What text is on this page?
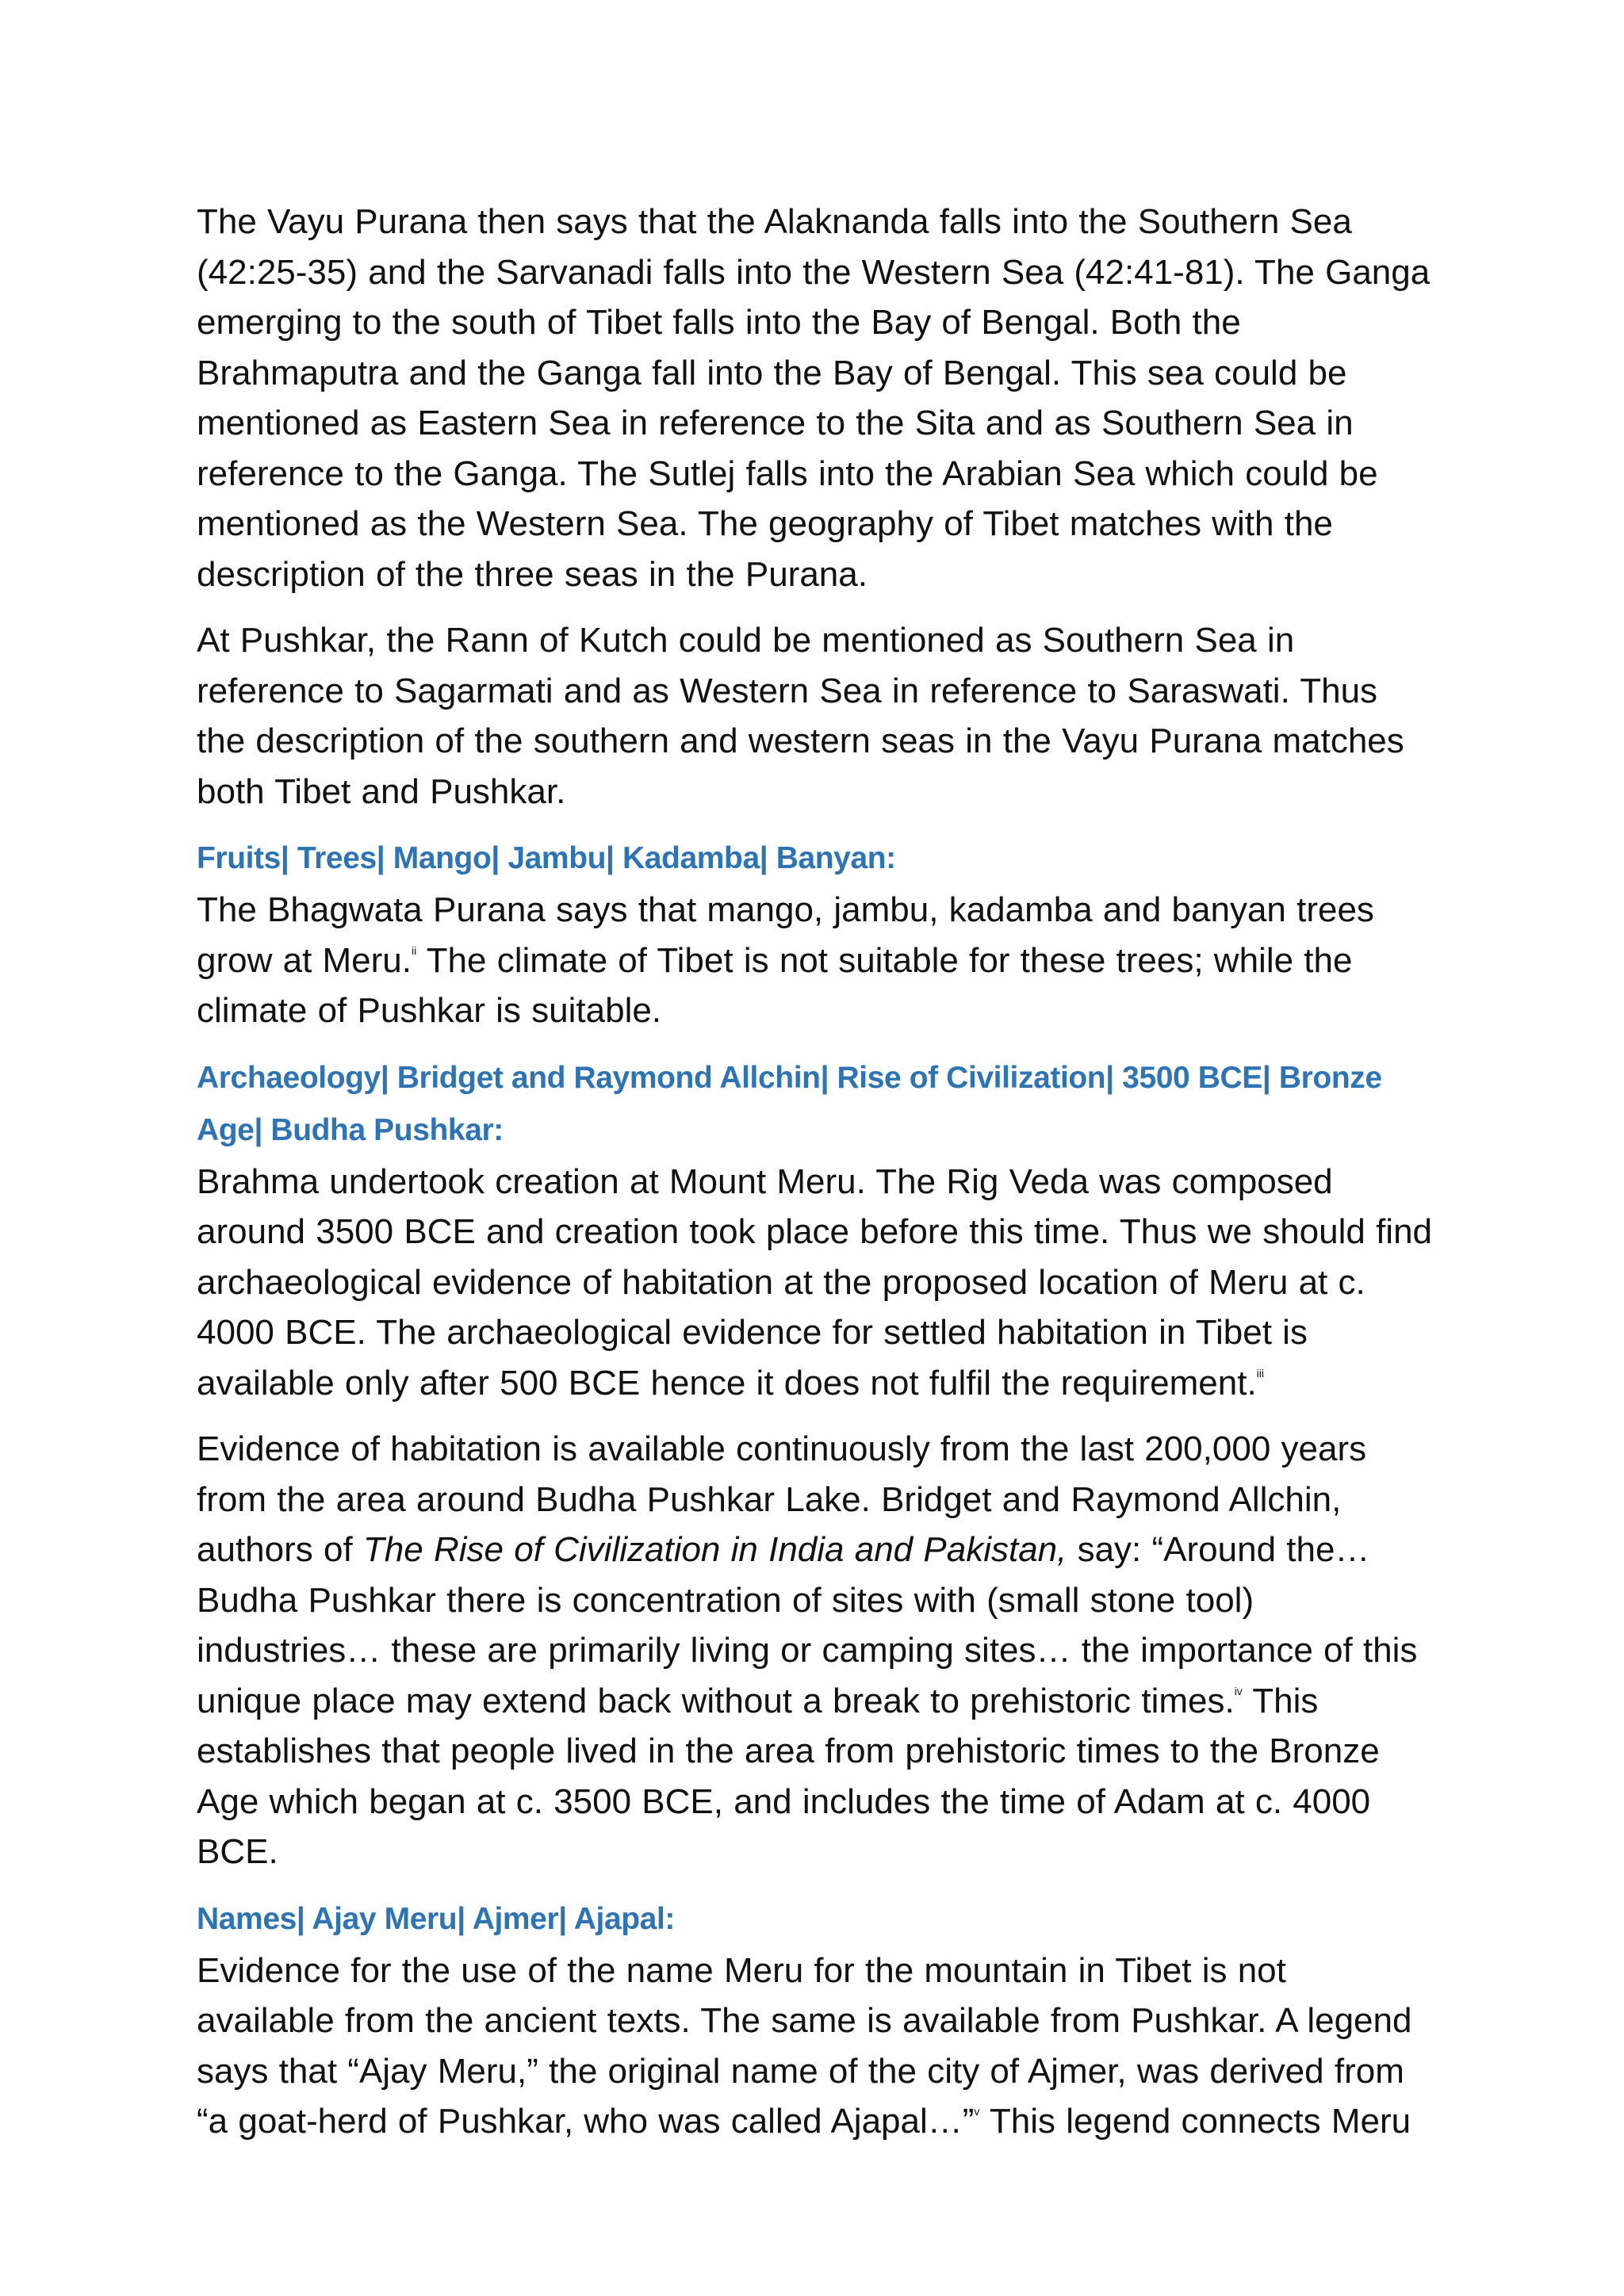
The Vayu Purana then says that the Alaknanda falls into the Southern Sea (42:25-35) and the Sarvanadi falls into the Western Sea (42:41-81). The Ganga emerging to the south of Tibet falls into the Bay of Bengal. Both the Brahmaputra and the Ganga fall into the Bay of Bengal. This sea could be mentioned as Eastern Sea in reference to the Sita and as Southern Sea in reference to the Ganga. The Sutlej falls into the Arabian Sea which could be mentioned as the Western Sea. The geography of Tibet matches with the description of the three seas in the Purana.

At Pushkar, the Rann of Kutch could be mentioned as Southern Sea in reference to Sagarmati and as Western Sea in reference to Saraswati. Thus the description of the southern and western seas in the Vayu Purana matches both Tibet and Pushkar.

Fruits| Trees| Mango| Jambu| Kadamba| Banyan:

The Bhagwata Purana says that mango, jambu, kadamba and banyan trees grow at Meru.$^{ii}$ The climate of Tibet is not suitable for these trees; while the climate of Pushkar is suitable.

Archaeology| Bridget and Raymond Allchin| Rise of Civilization| 3500 BCE| Bronze Age| Budha Pushkar:

Brahma undertook creation at Mount Meru. The Rig Veda was composed around 3500 BCE and creation took place before this time. Thus we should find archaeological evidence of habitation at the proposed location of Meru at c. 4000 BCE. The archaeological evidence for settled habitation in Tibet is available only after 500 BCE hence it does not fulfil the requirement.$^{iii}$

Evidence of habitation is available continuously from the last 200,000 years from the area around Budha Pushkar Lake. Bridget and Raymond Allchin, authors of The Rise of Civilization in India and Pakistan, say: “Around the… Budha Pushkar there is concentration of sites with (small stone tool) industries… these are primarily living or camping sites… the importance of this unique place may extend back without a break to prehistoric times.$^{iv}$ This establishes that people lived in the area from prehistoric times to the Bronze Age which began at c. 3500 BCE, and includes the time of Adam at c. 4000 BCE.

Names| Ajay Meru| Ajmer| Ajapal:

Evidence for the use of the name Meru for the mountain in Tibet is not available from the ancient texts. The same is available from Pushkar. A legend says that “Ajay Meru,” the original name of the city of Ajmer, was derived from “a goat-herd of Pushkar, who was called Ajapal…”$^v$ This legend connects Meru
